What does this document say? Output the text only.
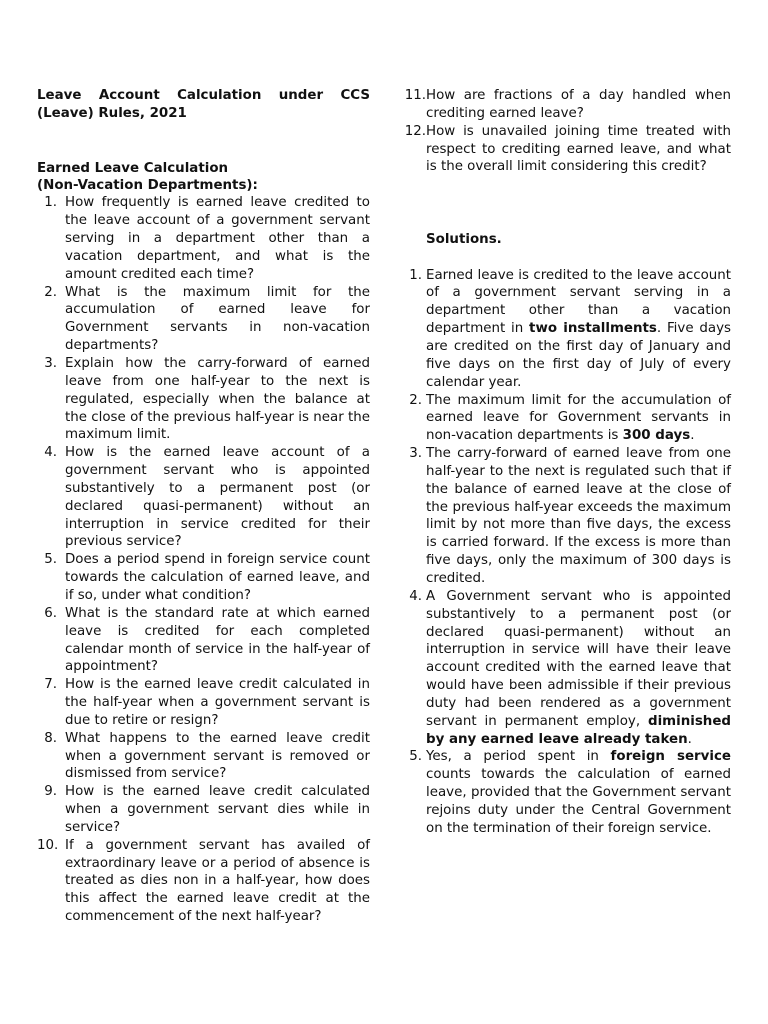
Leave Account Calculation under CCS (Leave) Rules, 2021

Earned Leave Calculation

(Non-Vacation Departments):

1. How frequently is earned leave credited to the leave account of a government servant serving in a department other than a vacation department, and what is the amount credited each time?
2. What is the maximum limit for the accumulation of earned leave for Government servants in non-vacation departments?
3. Explain how the carry-forward of earned leave from one half-year to the next is regulated, especially when the balance at the close of the previous half-year is near the maximum limit.
4. How is the earned leave account of a government servant who is appointed substantively to a permanent post (or declared quasi-permanent) without an interruption in service credited for their previous service?
5. Does a period spend in foreign service count towards the calculation of earned leave, and if so, under what condition?
6. What is the standard rate at which earned leave is credited for each completed calendar month of service in the half-year of appointment?
7. How is the earned leave credit calculated in the half-year when a government servant is due to retire or resign?
8. What happens to the earned leave credit when a government servant is removed or dismissed from service?
9. How is the earned leave credit calculated when a government servant dies while in service?
10. If a government servant has availed of extraordinary leave or a period of absence is treated as dies non in a half-year, how does this affect the earned leave credit at the commencement of the next half-year?
11. How are fractions of a day handled when crediting earned leave?
12. How is unavailed joining time treated with respect to crediting earned leave, and what is the overall limit considering this credit?

Solutions.

1. Earned leave is credited to the leave account of a government servant serving in a department other than a vacation department in two installments. Five days are credited on the first day of January and five days on the first day of July of every calendar year.
2. The maximum limit for the accumulation of earned leave for Government servants in non-vacation departments is 300 days.
3. The carry-forward of earned leave from one half-year to the next is regulated such that if the balance of earned leave at the close of the previous half-year exceeds the maximum limit by not more than five days, the excess is carried forward. If the excess is more than five days, only the maximum of 300 days is credited.
4. A Government servant who is appointed substantively to a permanent post (or declared quasi-permanent) without an interruption in service will have their leave account credited with the earned leave that would have been admissible if their previous duty had been rendered as a government servant in permanent employ, diminished by any earned leave already taken.
5. Yes, a period spent in foreign service counts towards the calculation of earned leave, provided that the Government servant rejoins duty under the Central Government on the termination of their foreign service.
